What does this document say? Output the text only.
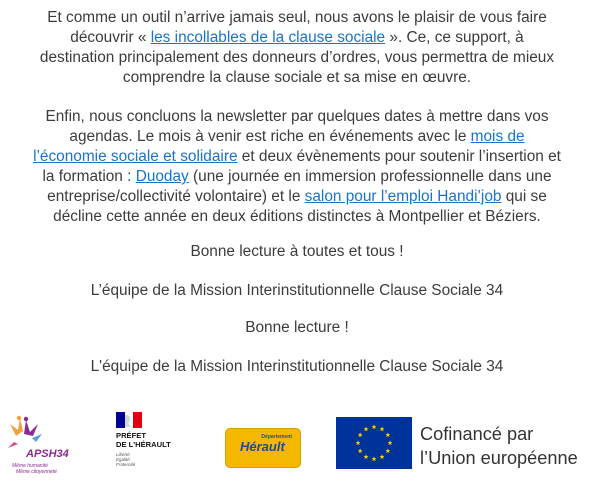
Et comme un outil n’arrive jamais seul, nous avons le plaisir de vous faire
découvrir « les incollables de la clause sociale ». Ce, ce support, à
destination principalement des donneurs d’ordres, vous permettra de mieux
comprendre la clause sociale et sa mise en œuvre.
Enfin, nous concluons la newsletter par quelques dates à mettre dans vos
agendas. Le mois à venir est riche en événements avec le mois de
l’économie sociale et solidaire et deux évènements pour soutenir l’insertion et
la formation : Duoday (une journée en immersion professionnelle dans une
entreprise/collectivité volontaire) et le salon pour l’emploi Handi’job qui se
décline cette année en deux éditions distinctes à Montpellier et Béziers.
Bonne lecture à toutes et tous !
L’équipe de la Mission Interinstitutionnelle Clause Sociale 34
Bonne lecture !
L'équipe de la Mission Interinstitutionnelle Clause Sociale 34
APSH34
Même humanité
Même citoyenneté
PRÉFET
DE L'HÉRAULT
Liberté
Égalité
Fraternité
Département
Hérault
Cofinancé par
l’Union européenne
